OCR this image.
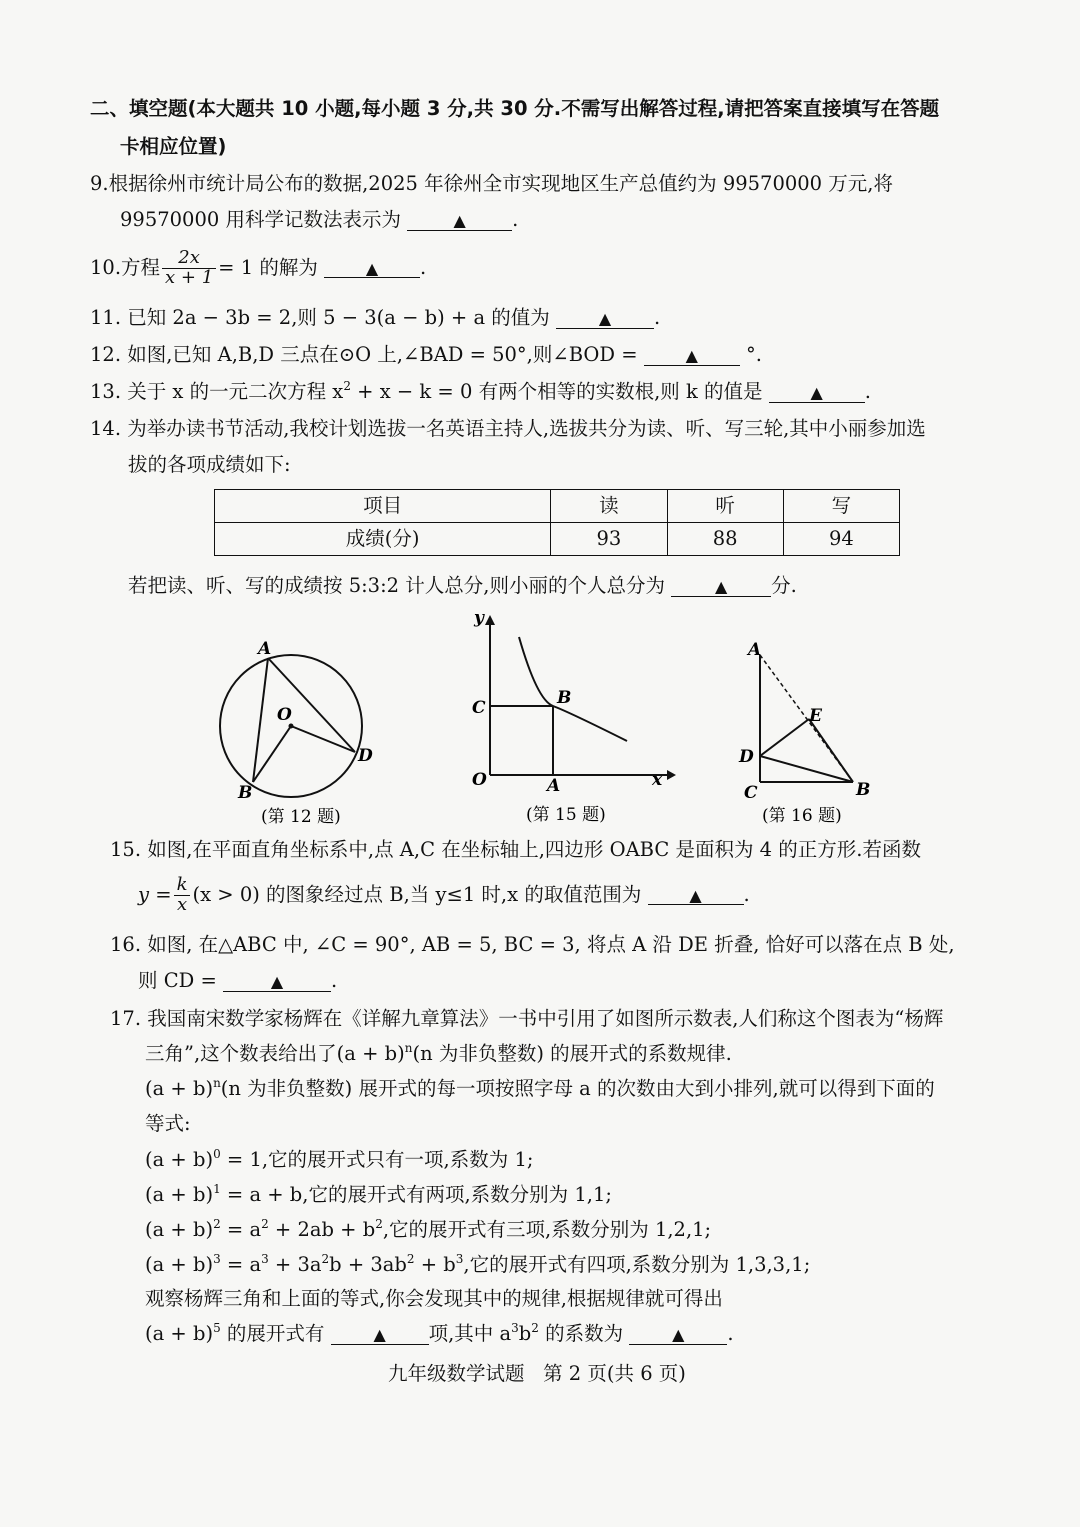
二、填空题(本大题共 10 小题,每小题 3 分,共 30 分.不需写出解答过程,请把答案直接填写在答题
卡相应位置)
9.根据徐州市统计局公布的数据,2025 年徐州全市实现地区生产总值约为 99570000 万元,将
99570000 用科学记数法表示为	▲ .
10.方程 $\frac{2x}{x + 1} = 1$ 的解为	▲ .
11. 已知 2a − 3b = 2,则 5 − 3(a − b) + a 的值为	▲ .
12. 如图,已知 A,B,D 三点在⊙O 上,∠BAD = 50°,则∠BOD =	▲ °.
13. 关于 x 的一元二次方程 $x^2 + x - k = 0$ 有两个相等的实数根,则 k 的值是	▲ .
14. 为举办读书节活动,我校计划选拔一名英语主持人,选拔共分为读、听、写三轮,其中小丽参加选
拔的各项成绩如下:
项目	读	听	写
成绩(分)	93	88	94
若把读、听、写的成绩按 5:3:2 计人总分,则小丽的个人总分为	▲ 分.
A
O
B
D
(第 12 题)
y
x
O
C	B
A
(第 15 题)
A
E
D
C	B
(第 16 题)
15. 如图,在平面直角坐标系中,点 A,C 在坐标轴上,四边形 OABC 是面积为 4 的正方形.若函数
$y = \frac{k}{x} (x > 0)$ 的图象经过点 B,当 y≤1 时,x 的取值范围为	▲ .
16. 如图, 在△ABC 中, ∠C = 90°, AB = 5, BC = 3, 将点 A 沿 DE 折叠, 恰好可以落在点 B 处,
则 CD =	▲ .
17. 我国南宋数学家杨辉在《详解九章算法》一书中引用了如图所示数表,人们称这个图表为“杨辉
三角”,这个数表给出了$(a + b)^n(n$ 为非负整数) 的展开式的系数规律.
$(a + b)^n(n$ 为非负整数) 展开式的每一项按照字母 a 的次数由大到小排列,就可以得到下面的
等式:
$(a + b)^0 = 1$,它的展开式只有一项,系数为 1;
$(a + b)^1 = a + b$,它的展开式有两项,系数分别为 1,1;
$(a + b)^2 = a^2 + 2ab + b^2$,它的展开式有三项,系数分别为 1,2,1;
$(a + b)^3 = a^3 + 3a^2b + 3ab^2 + b^3$,它的展开式有四项,系数分别为 1,3,3,1;
观察杨辉三角和上面的等式,你会发现其中的规律,根据规律就可得出
$(a + b)^5$ 的展开式有	▲ 项,其中 $a^3b^2$ 的系数为	▲ .
九年级数学试题   第 2 页(共 6 页)
